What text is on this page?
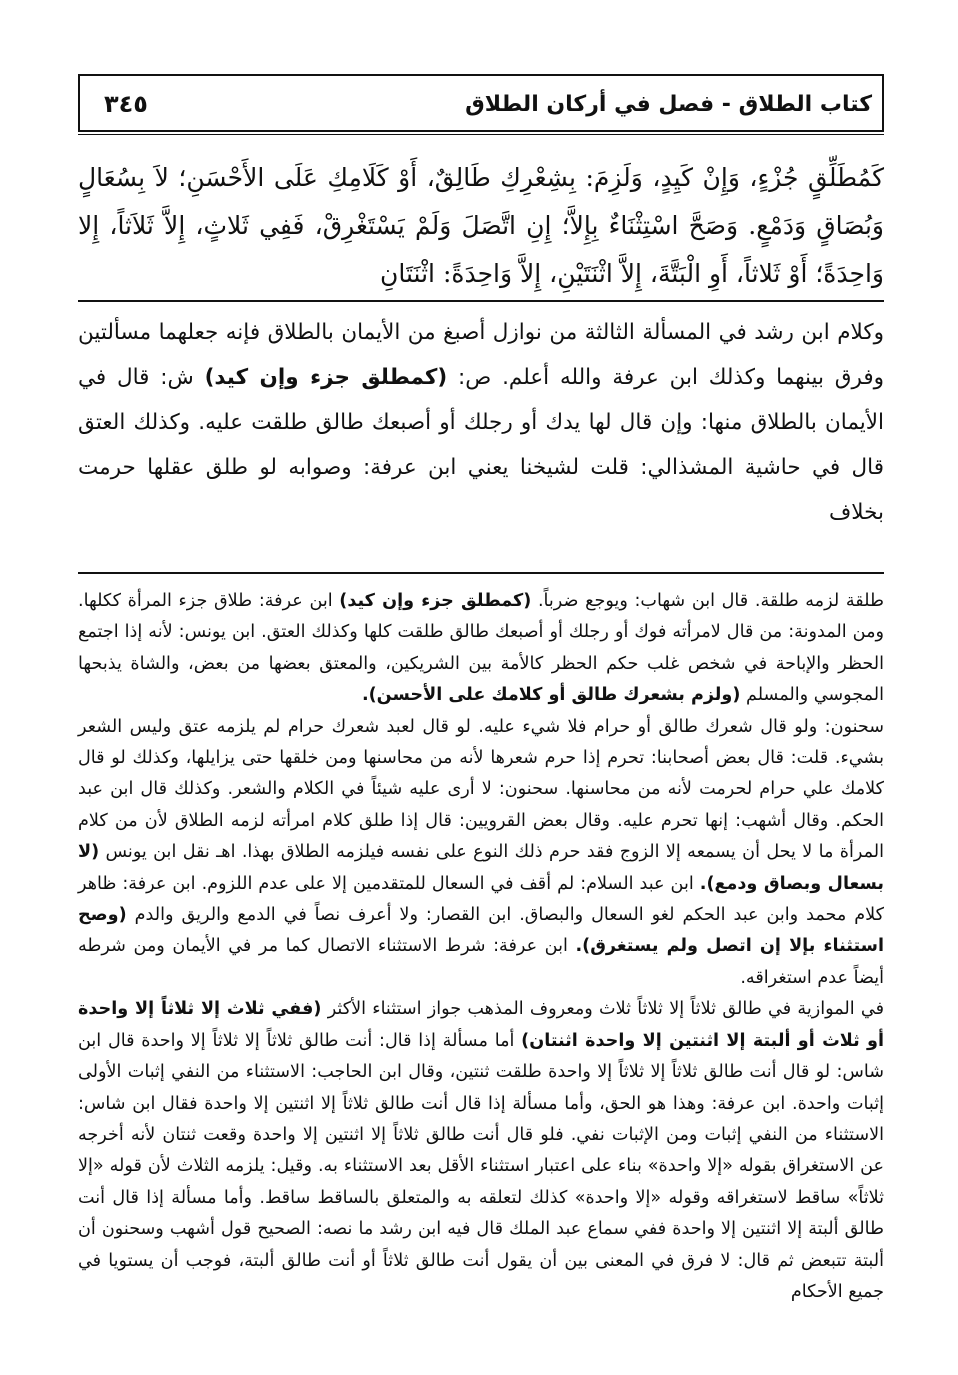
٣٤٥	كتاب الطلاق - فصل في أركان الطلاق
كَمُطَلِّقٍ جُزْءٍ، وَإِنْ كَيِدٍ، وَلَزِمَ: بِشِعْرِكِ طَالِقٌ، أَوْ كَلَامِكِ عَلَى الأَحْسَنِ؛ لاَ بِسُعَالٍ وَبُصَاقٍ وَدَمْعٍ. وَصَحَّ اسْتِثْنَاءٌ بِإِلاَّ؛ إِنِ اتَّصَلَ وَلَمْ يَسْتَغْرِقْ، فَفِي ثَلاثٍ، إِلاَّ ثَلاَثاً، إِلا وَاحِدَةً؛ أَوْ ثَلاثاً، أَوِ الْبَتَّةَ، إِلاَّ اثْنَتَيْنِ، إِلاَّ وَاحِدَةً: اثْنَتَانِ
وكلام ابن رشد في المسألة الثالثة من نوازل أصبغ من الأيمان بالطلاق فإنه جعلهما مسألتين وفرق بينهما وكذلك ابن عرفة والله أعلم. ص: (كمطلق جزء وإن كيد) ش: قال في الأيمان بالطلاق منها: وإن قال لها يدك أو رجلك أو أصبعك طالق طلقت عليه. وكذلك العتق قال في حاشية المشذالي: قلت لشيخنا يعني ابن عرفة: وصوابه لو طلق عقلها حرمت بخلاف
طلقة لزمه طلقة. قال ابن شهاب: ويوجع ضرباً. (كمطلق جزء وإن كيد) ابن عرفة: طلاق جزء المرأة ككلها. ومن المدونة: من قال لامرأته فوك أو رجلك أو أصبعك طالق طلقت كلها وكذلك العتق. ابن يونس: لأنه إذا اجتمع الحظر والإباحة في شخص غلب حكم الحظر كالأمة بين الشريكين، والمعتق بعضها من بعض، والشاة يذبحها المجوسي والمسلم (ولزم بشعرك طالق أو كلامك على الأحسن).
سحنون: ولو قال شعرك طالق أو حرام فلا شيء عليه. لو قال لعبد شعرك حرام لم يلزمه عتق وليس الشعر بشيء. قلت: قال بعض أصحابنا: تحرم إذا حرم شعرها لأنه من محاسنها ومن خلقها حتى يزايلها، وكذلك لو قال كلامك علي حرام لحرمت لأنه من محاسنها. سحنون: لا أرى عليه شيئاً في الكلام والشعر. وكذلك قال ابن عبد الحكم. وقال أشهب: إنها تحرم عليه. وقال بعض القرويين: قال إذا طلق كلام امرأته لزمه الطلاق لأن من كلام المرأة ما لا يحل أن يسمعه إلا الزوج فقد حرم ذلك النوع على نفسه فيلزمه الطلاق بهذا. اهـ نقل ابن يونس (لا بسعال وبصاق ودمع). ابن عبد السلام: لم أقف في السعال للمتقدمين إلا على عدم اللزوم. ابن عرفة: ظاهر كلام محمد وابن عبد الحكم لغو السعال والبصاق. ابن القصار: ولا أعرف نصاً في الدمع والريق والدم (وصح استثناء بإلا إن اتصل ولم يستغرق). ابن عرفة: شرط الاستثناء الاتصال كما مر في الأيمان ومن شرطه أيضاً عدم استغراقه.
في الموازية في طالق ثلاثاً إلا ثلاثاً ثلاث ومعروف المذهب جواز استثناء الأكثر (ففي ثلاث إلا ثلاثاً إلا واحدة أو ثلاث أو ألبتة إلا اثنتين إلا واحدة اثنتان) أما مسألة إذا قال: أنت طالق ثلاثاً إلا ثلاثاً إلا واحدة قال ابن شاس: لو قال أنت طالق ثلاثاً إلا ثلاثاً إلا واحدة طلقت ثنتين، وقال ابن الحاجب: الاستثناء من النفي إثبات الأولى إثبات واحدة. ابن عرفة: وهذا هو الحق، وأما مسألة إذا قال أنت طالق ثلاثاً إلا اثنتين إلا واحدة فقال ابن شاس: الاستثناء من النفي إثبات ومن الإثبات نفي. فلو قال أنت طالق ثلاثاً إلا اثنتين إلا واحدة وقعت ثنتان لأنه أخرجه عن الاستغراق بقوله «إلا واحدة» بناء على اعتبار استثناء الأقل بعد الاستثناء به. وقيل: يلزمه الثلاث لأن قوله «إلا ثلاثاً» ساقط لاستغراقه وقوله «إلا واحدة» كذلك لتعلقه به والمتعلق بالساقط ساقط. وأما مسألة إذا قال أنت طالق ألبتة إلا اثنتين إلا واحدة ففي سماع عبد الملك قال فيه ابن رشد ما نصه: الصحيح قول أشهب وسحنون أن ألبتة تتبعض ثم قال: لا فرق في المعنى بين أن يقول أنت طالق ثلاثاً أو أنت طالق ألبتة، فوجب أن يستويا في جميع الأحكام
